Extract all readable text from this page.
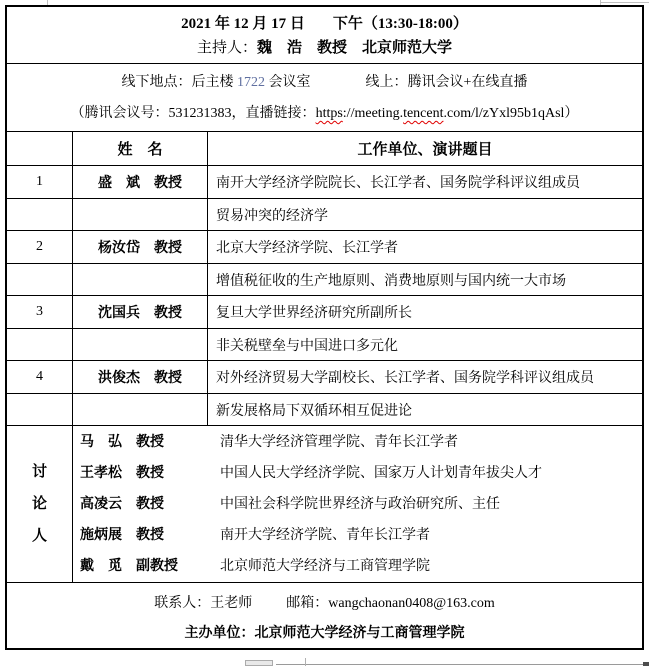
2021 年 12 月 17 日 下午（13:30-18:00）
主持人： 魏　浩　教授　北京师范大学
线下地点：后主楼 1722 会议室	线上：腾讯会议+在线直播
（腾讯会议号：531231383，直播链接： https://meeting.tencent.com/l/zYxl95b1qAsl ）
姓　名	工作单位、演讲题目
1	盛　斌　教授	南开大学经济学院院长、长江学者、国务院学科评议组成员
贸易冲突的经济学
2	杨汝岱　教授	北京大学经济学院、长江学者
增值税征收的生产地原则、消费地原则与国内统一大市场
3	沈国兵　教授	复旦大学世界经济研究所副所长
非关税壁垒与中国进口多元化
4	洪俊杰　教授	对外经济贸易大学副校长、长江学者、国务院学科评议组成员
新发展格局下双循环相互促进论
讨
论
人
马　弘　教授	清华大学经济管理学院、青年长江学者
王孝松　教授	中国人民大学经济学院、国家万人计划青年拔尖人才
高凌云　教授	中国社会科学院世界经济与政治研究所、主任
施炳展　教授	南开大学经济学院、青年长江学者
戴　觅　副教授	北京师范大学经济与工商管理学院
联系人：王老师 邮箱：wangchaonan0408@163.com
主办单位：北京师范大学经济与工商管理学院
